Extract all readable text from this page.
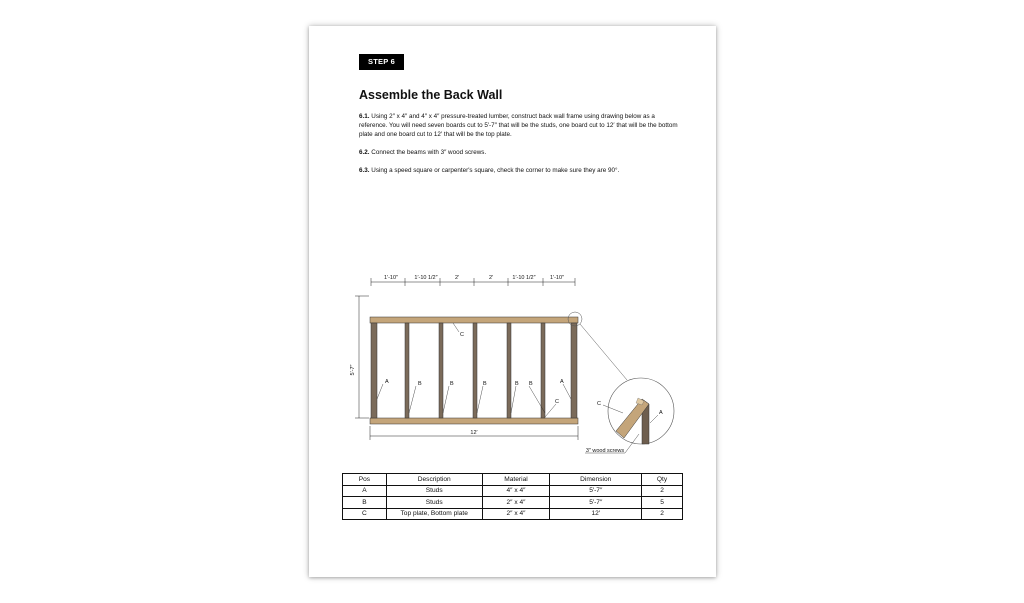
STEP 6
Assemble the Back Wall

6.1. Using 2″ x 4″ and 4″ x 4″ pressure-treated lumber, construct back wall frame using drawing below as a reference. You will need seven boards cut to 5′-7″ that will be the studs, one board cut to 12′ that will be the bottom plate and one board cut to 12′ that will be the top plate.

6.2. Connect the beams with 3″ wood screws.

6.3. Using a speed square or carpenter's square, check the corner to make sure they are 90°.

1′-10″	1′-10 1/2″	2′	2′	1′-10 1/2″	1′-10″
5′-7″
A	B	B	B	B B	A
C
C
12′
C
A
3″ wood screws
Pos	Description	Material	Dimension	Qty
A	Studs	4″ x 4″	5′-7″	2
B	Studs	2″ x 4″	5′-7″	5
C	Top plate, Bottom plate	2″ x 4″	12′	2
